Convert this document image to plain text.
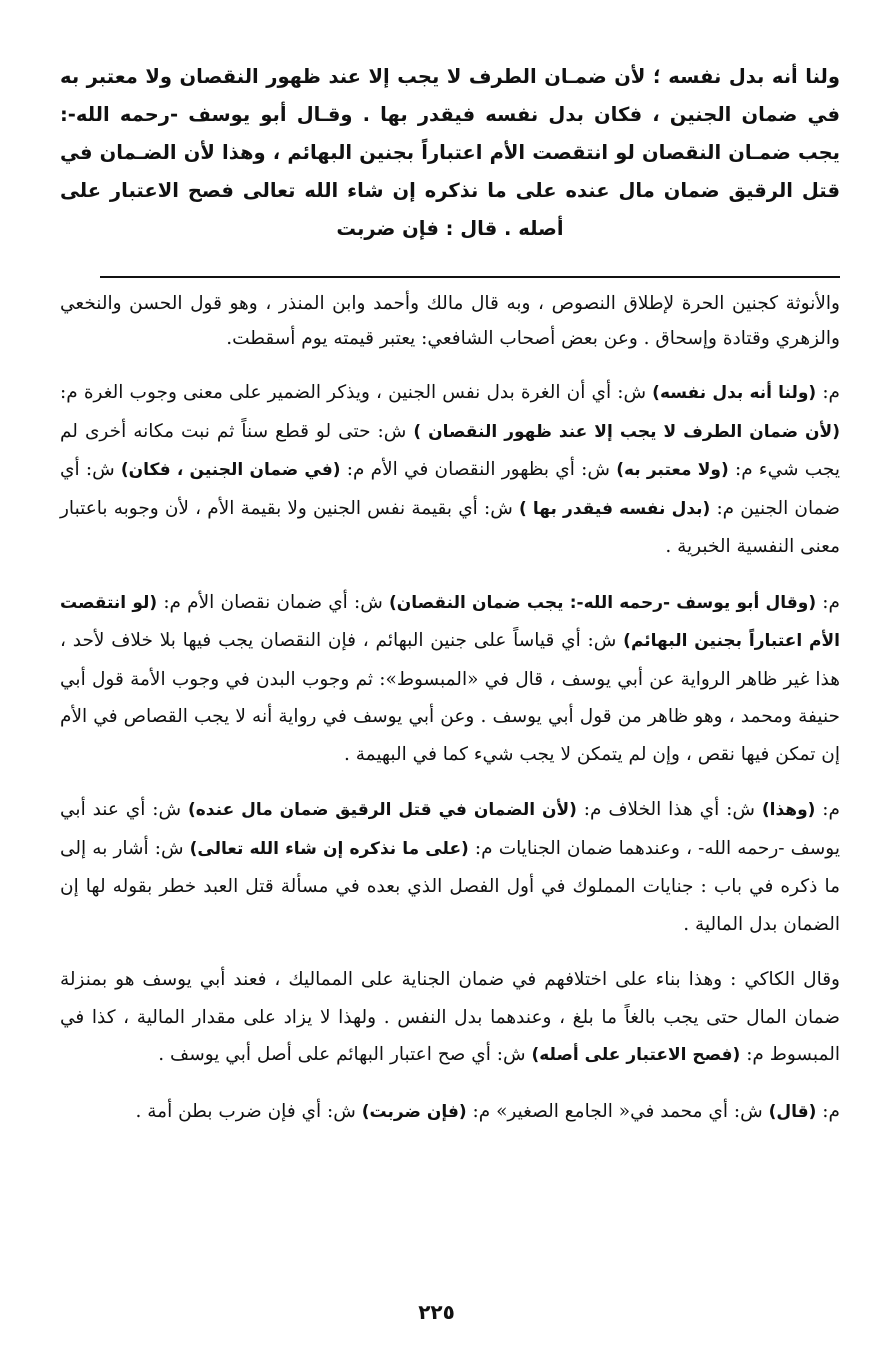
ولنا أنه بدل نفسه ؛ لأن ضمـان الطرف لا يجب إلا عند ظهور النقصان ولا معتبر به في ضمان الجنين ، فكان بدل نفسه فيقدر بها . وقـال أبو يوسف -رحمه الله-: يجب ضمـان النقصان لو انتقصت الأم اعتباراً بجنين البهائم ، وهذا لأن الضـمان في قتل الرقيق ضمان مال عنده على ما نذكره إن شاء الله تعالى فصح الاعتبار على أصله . قال : فإن ضربت

والأنوثة كجنين الحرة لإطلاق النصوص ، وبه قال مالك وأحمد وابن المنذر ، وهو قول الحسن والنخعي والزهري وقتادة وإسحاق . وعن بعض أصحاب الشافعي: يعتبر قيمته يوم أسقطت.

م: (ولنا أنه بدل نفسه) ش: أي أن الغرة بدل نفس الجنين ، ويذكر الضمير على معنى وجوب الغرة م: (لأن ضمان الطرف لا يجب إلا عند ظهور النقصان ) ش: حتى لو قطع سناً ثم نبت مكانه أخرى لم يجب شيء م: (ولا معتبر به) ش: أي بظهور النقصان في الأم م: (في ضمان الجنين ، فكان) ش: أي ضمان الجنين م: (بدل نفسه فيقدر بها ) ش: أي بقيمة نفس الجنين ولا بقيمة الأم ، لأن وجوبه باعتبار معنى النفسية الخبرية .

م: (وقال أبو يوسف -رحمه الله-: يجب ضمان النقصان) ش: أي ضمان نقصان الأم م: (لو انتقصت الأم اعتباراً بجنين البهائم) ش: أي قياساً على جنين البهائم ، فإن النقصان يجب فيها بلا خلاف لأحد ، هذا غير ظاهر الرواية عن أبي يوسف ، قال في «المبسوط»: ثم وجوب البدن في وجوب الأمة قول أبي حنيفة ومحمد ، وهو ظاهر من قول أبي يوسف . وعن أبي يوسف في رواية أنه لا يجب القصاص في الأم إن تمكن فيها نقص ، وإن لم يتمكن لا يجب شيء كما في البهيمة .

م: (وهذا) ش: أي هذا الخلاف م: (لأن الضمان في قتل الرقيق ضمان مال عنده) ش: أي عند أبي يوسف -رحمه الله- ، وعندهما ضمان الجنايات م: (على ما نذكره إن شاء الله تعالى) ش: أشار به إلى ما ذكره في باب : جنايات المملوك في أول الفصل الذي بعده في مسألة قتل العبد خطر بقوله لها إن الضمان بدل المالية .

وقال الكاكي : وهذا بناء على اختلافهم في ضمان الجناية على المماليك ، فعند أبي يوسف هو بمنزلة ضمان المال حتى يجب بالغاً ما بلغ ، وعندهما بدل النفس . ولهذا لا يزاد على مقدار المالية ، كذا في المبسوط م: (فصح الاعتبار على أصله) ش: أي صح اعتبار البهائم على أصل أبي يوسف .

م: (قال) ش: أي محمد في« الجامع الصغير» م: (فإن ضربت) ش: أي فإن ضرب بطن أمة .

٢٢٥
